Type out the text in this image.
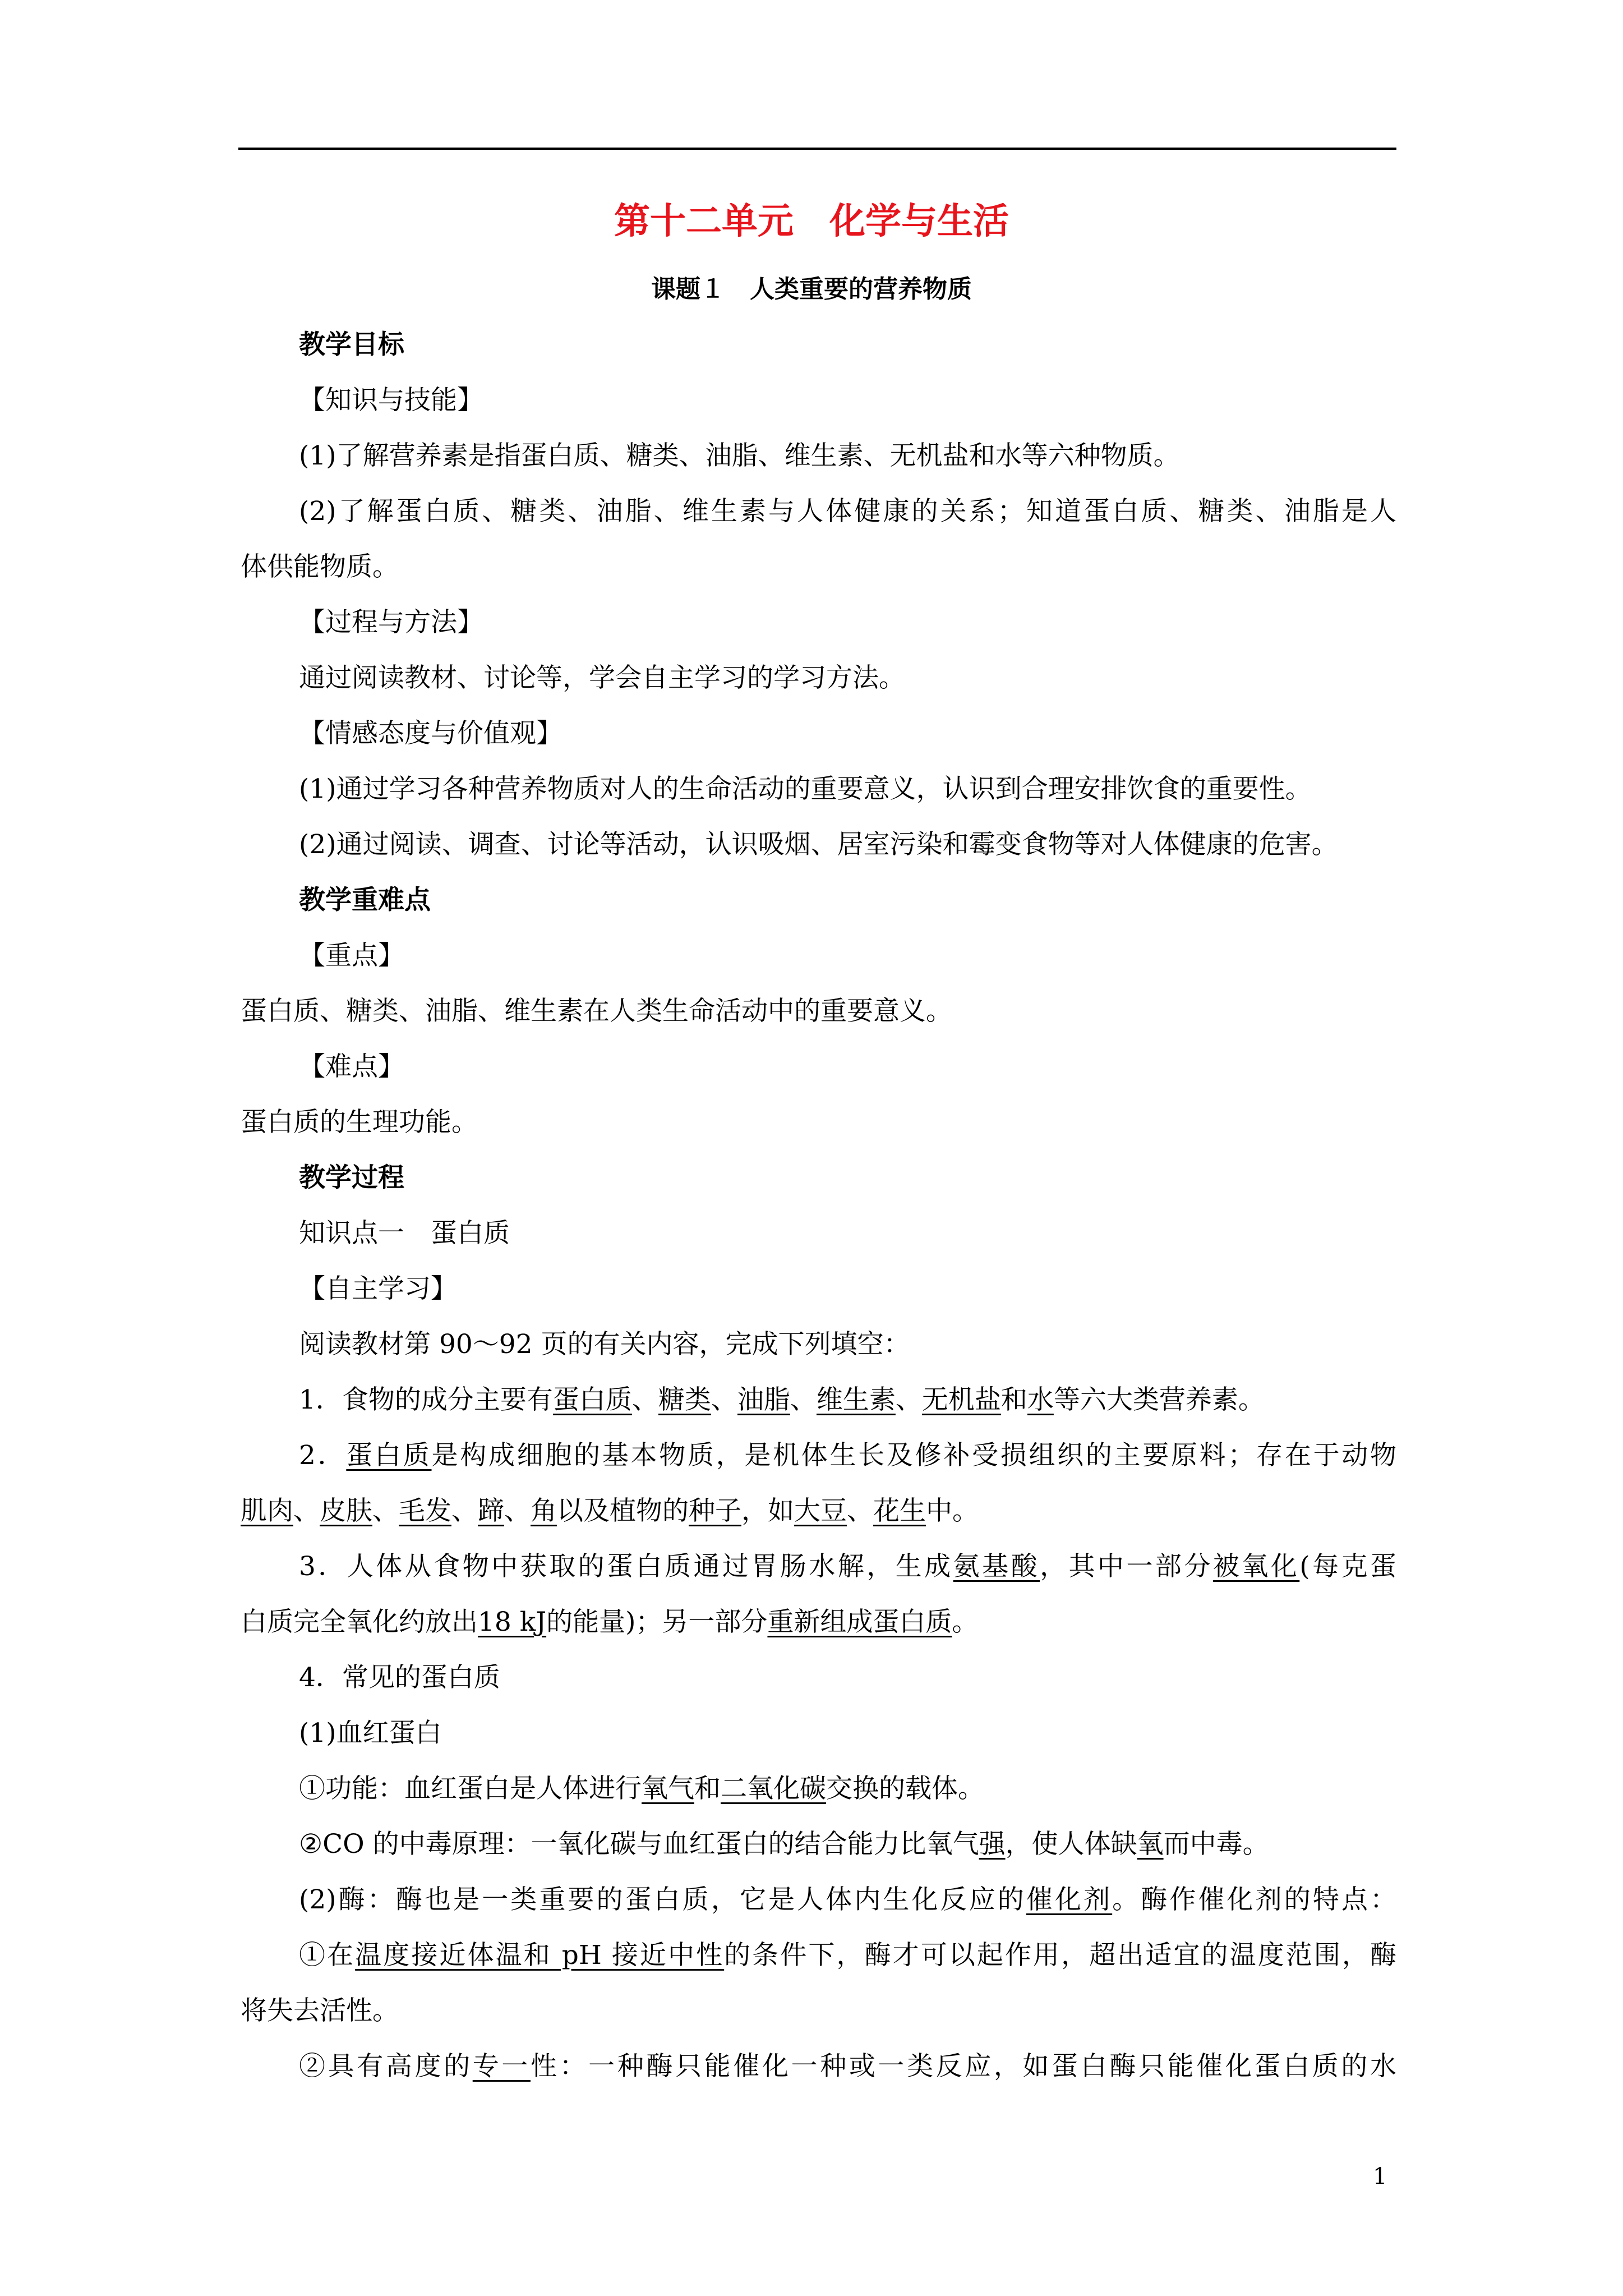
第十二单元　化学与生活
课题１　人类重要的营养物质
教学目标
【知识与技能】
(1)了解营养素是指蛋白质、糖类、油脂、维生素、无机盐和水等六种物质。
(2)了解蛋白质、糖类、油脂、维生素与人体健康的关系；知道蛋白质、糖类、油脂是人
体供能物质。
【过程与方法】
通过阅读教材、讨论等，学会自主学习的学习方法。
【情感态度与价值观】
(1)通过学习各种营养物质对人的生命活动的重要意义，认识到合理安排饮食的重要性。
(2)通过阅读、调查、讨论等活动，认识吸烟、居室污染和霉变食物等对人体健康的危害。
教学重难点
【重点】
蛋白质、糖类、油脂、维生素在人类生命活动中的重要意义。
【难点】
蛋白质的生理功能。
教学过程
知识点一　蛋白质
【自主学习】
阅读教材第 90～92 页的有关内容，完成下列填空：
1．食物的成分主要有蛋白质、糖类、油脂、维生素、无机盐和水等六大类营养素。
2．蛋白质是构成细胞的基本物质，是机体生长及修补受损组织的主要原料；存在于动物
肌肉、皮肤、毛发、蹄、角以及植物的种子，如大豆、花生中。
3．人体从食物中获取的蛋白质通过胃肠水解，生成氨基酸，其中一部分被氧化(每克蛋
白质完全氧化约放出18 kJ的能量)；另一部分重新组成蛋白质。
4．常见的蛋白质
(1)血红蛋白
①功能：血红蛋白是人体进行氧气和二氧化碳交换的载体。
②CO 的中毒原理：一氧化碳与血红蛋白的结合能力比氧气强，使人体缺氧而中毒。
(2)酶：酶也是一类重要的蛋白质，它是人体内生化反应的催化剂。酶作催化剂的特点：
①在温度接近体温和 pH 接近中性的条件下，酶才可以起作用，超出适宜的温度范围，酶
将失去活性。
②具有高度的专一性：一种酶只能催化一种或一类反应，如蛋白酶只能催化蛋白质的水
1
